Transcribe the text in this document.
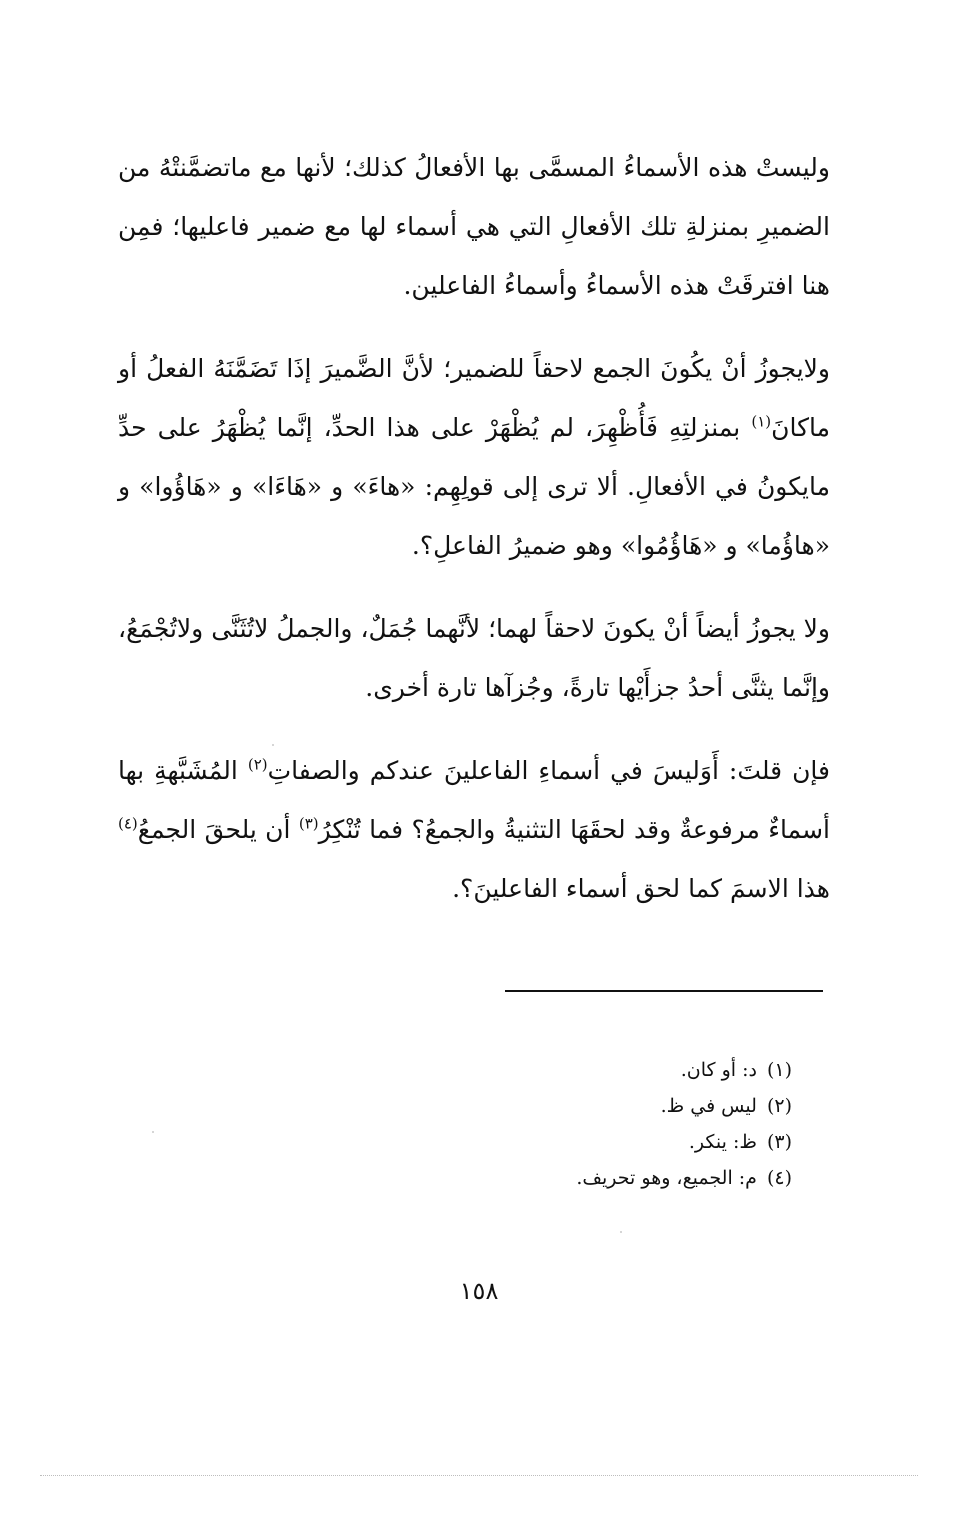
وليستْ هذه الأسماءُ المسمَّى بها الأفعالُ كذلك؛ لأنها مع ماتضمَّنتْهُ من الضميرِ بمنزلةِ تلك الأفعالِ التي هي أسماء لها مع ضمير فاعليها؛ فمِن هنا افترقَتْ هذه الأسماءُ وأسماءُ الفاعلين.

ولايجوزُ أنْ يكُونَ الجمع لاحقاً للضمير؛ لأنَّ الضَّميرَ إذَا تَضَمَّنَهُ الفعلُ أو ماكانَ$^{(١)}$ بمنزلتِهِ فَأُظْهِرَ، لم يُظْهَرْ على هذا الحدِّ، إنَّما يُظْهَرُ على حدِّ مايكونُ في الأفعالِ. ألا ترى إلى قولِهِم: «هاءَ» و «هَاءَا» و «هَاؤُوا» و «هاؤُما» و «هَاؤُمُوا» وهو ضميرُ الفاعلِ؟.

ولا يجوزُ أيضاً أنْ يكونَ لاحقاً لهما؛ لأنَّهما جُمَلٌ، والجملُ لاتُثَنَّى ولاتُجْمَعُ، وإنَّما يثنَّى أحدُ جزأَيْها تارةً، وجُزآها تارة أخرى.

فإن قلتَ: أَوَليسَ في أسماءِ الفاعلينَ عندكم والصفاتِ$^{(٢)}$ المُشَبَّهةِ بها أسماءٌ مرفوعةٌ وقد لحقَهَا التثنيةُ والجمعُ؟ فما تُنْكِرُ$^{(٣)}$ أن يلحقَ الجمعُ$^{(٤)}$ هذا الاسمَ كما لحق أسماء الفاعلينَ؟.

(١)د: أو كان.
(٢)ليس في ظ.
(٣)ظ: ينكر.
(٤)م: الجميع، وهو تحريف.
١٥٨
